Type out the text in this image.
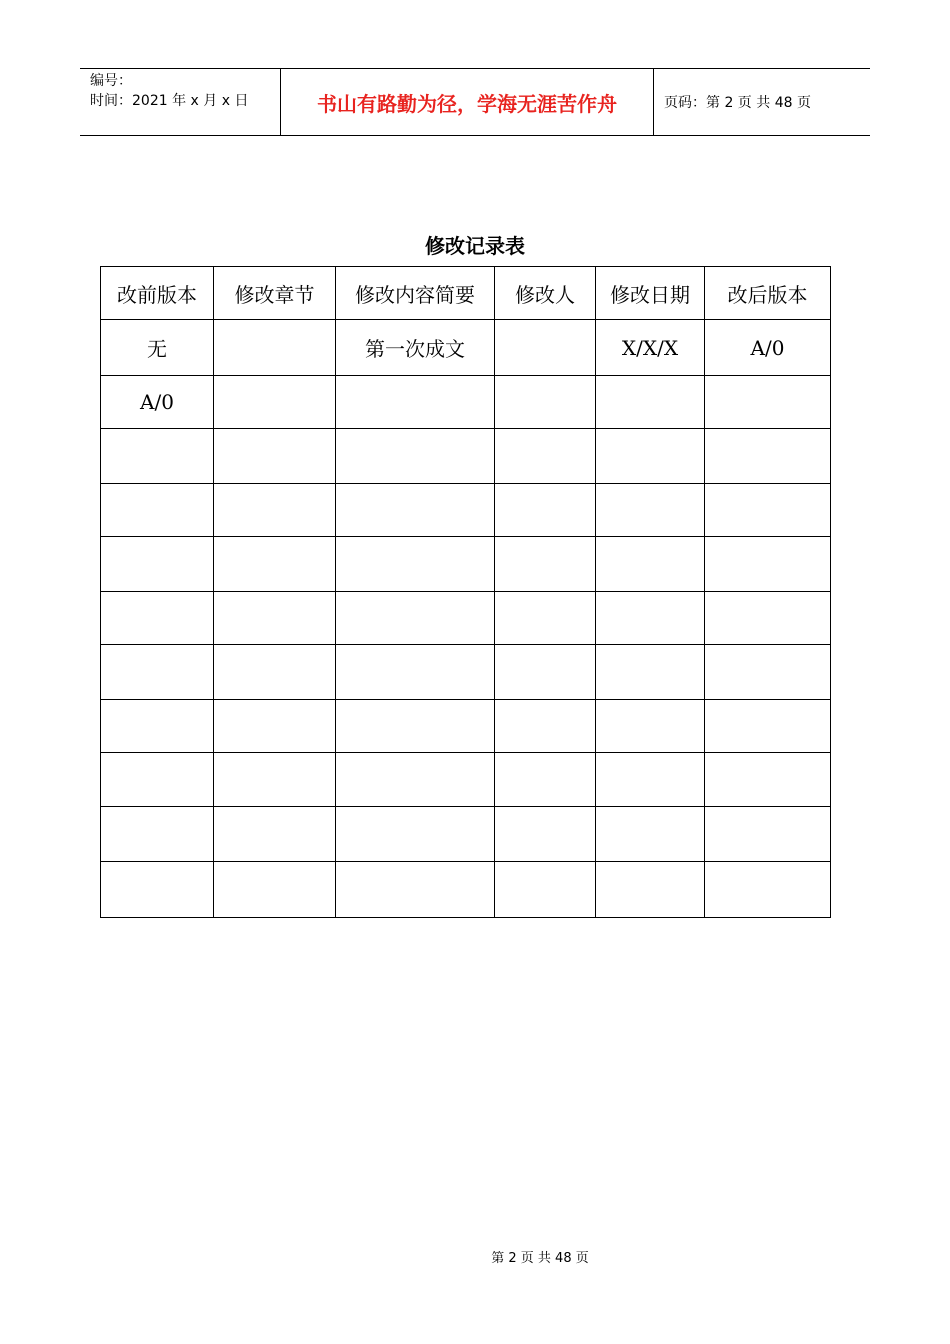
编号：
时间：2021 年 x 月 x 日	书山有路勤为径，学海无涯苦作舟	页码：第 2 页 共 48 页
修改记录表
改前版本	修改章节	修改内容简要	修改人	修改日期	改后版本
无		第一次成文		X/X/X	A/0
A/0					

第 2 页 共 48 页
